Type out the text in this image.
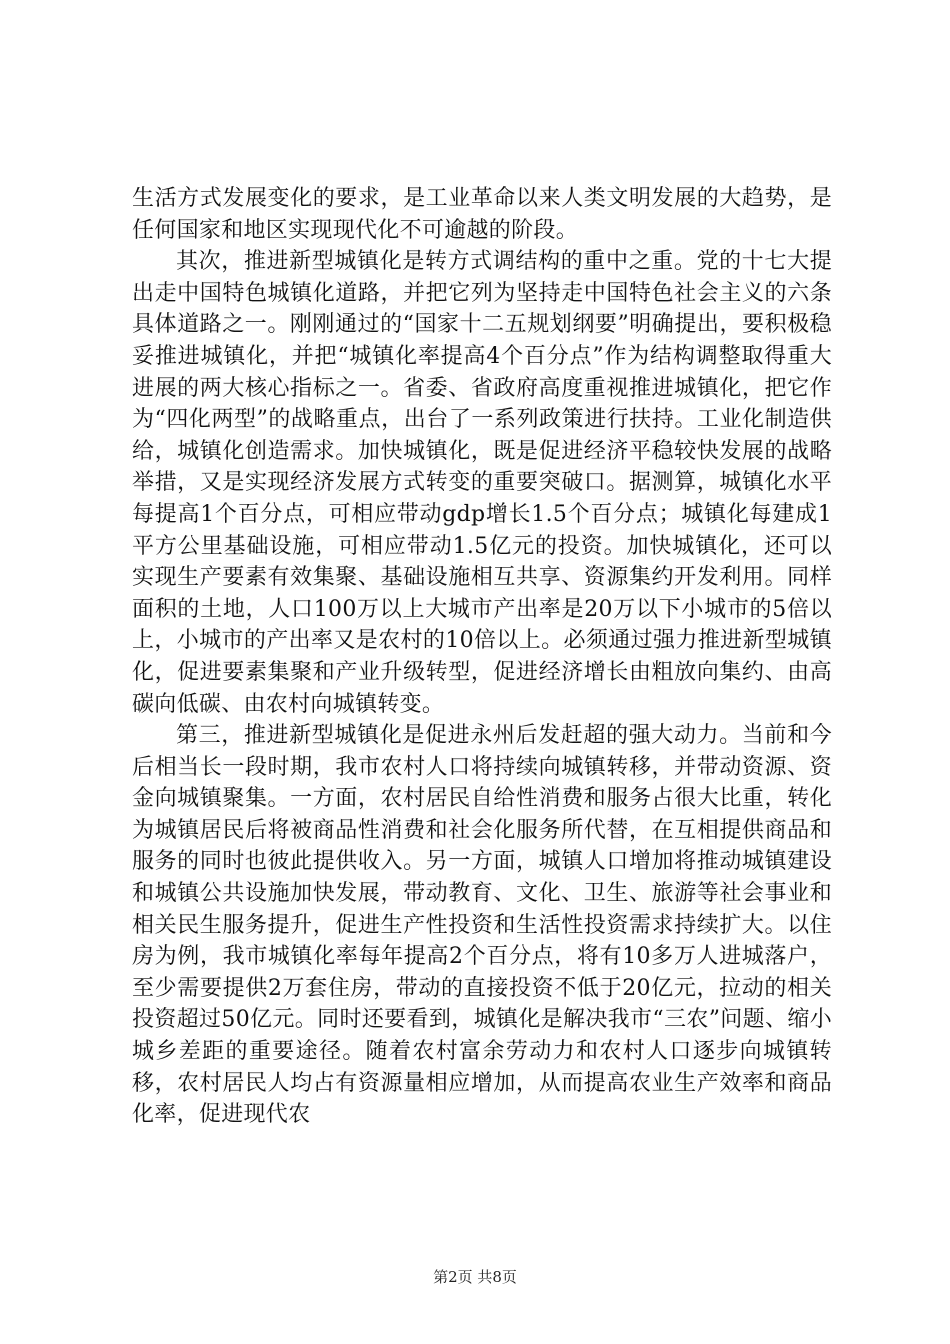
生活方式发展变化的要求，是工业革命以来人类文明发展的大趋势，是任何国家和地区实现现代化不可逾越的阶段。

其次，推进新型城镇化是转方式调结构的重中之重。党的十七大提出走中国特色城镇化道路，并把它列为坚持走中国特色社会主义的六条具体道路之一。刚刚通过的“国家十二五规划纲要”明确提出，要积极稳妥推进城镇化，并把“城镇化率提高4个百分点”作为结构调整取得重大进展的两大核心指标之一。省委、省政府高度重视推进城镇化，把它作为“四化两型”的战略重点，出台了一系列政策进行扶持。工业化制造供给，城镇化创造需求。加快城镇化，既是促进经济平稳较快发展的战略举措，又是实现经济发展方式转变的重要突破口。据测算，城镇化水平每提高1个百分点，可相应带动gdp增长1.5个百分点；城镇化每建成1平方公里基础设施，可相应带动1.5亿元的投资。加快城镇化，还可以实现生产要素有效集聚、基础设施相互共享、资源集约开发利用。同样面积的土地，人口100万以上大城市产出率是20万以下小城市的5倍以上，小城市的产出率又是农村的10倍以上。必须通过强力推进新型城镇化，促进要素集聚和产业升级转型，促进经济增长由粗放向集约、由高碳向低碳、由农村向城镇转变。

第三，推进新型城镇化是促进永州后发赶超的强大动力。当前和今后相当长一段时期，我市农村人口将持续向城镇转移，并带动资源、资金向城镇聚集。一方面，农村居民自给性消费和服务占很大比重，转化为城镇居民后将被商品性消费和社会化服务所代替，在互相提供商品和服务的同时也彼此提供收入。另一方面，城镇人口增加将推动城镇建设和城镇公共设施加快发展，带动教育、文化、卫生、旅游等社会事业和相关民生服务提升，促进生产性投资和生活性投资需求持续扩大。以住房为例，我市城镇化率每年提高2个百分点，将有10多万人进城落户，至少需要提供2万套住房，带动的直接投资不低于20亿元，拉动的相关投资超过50亿元。同时还要看到，城镇化是解决我市“三农”问题、缩小城乡差距的重要途径。随着农村富余劳动力和农村人口逐步向城镇转移，农村居民人均占有资源量相应增加，从而提高农业生产效率和商品化率，促进现代农

第2页 共8页
